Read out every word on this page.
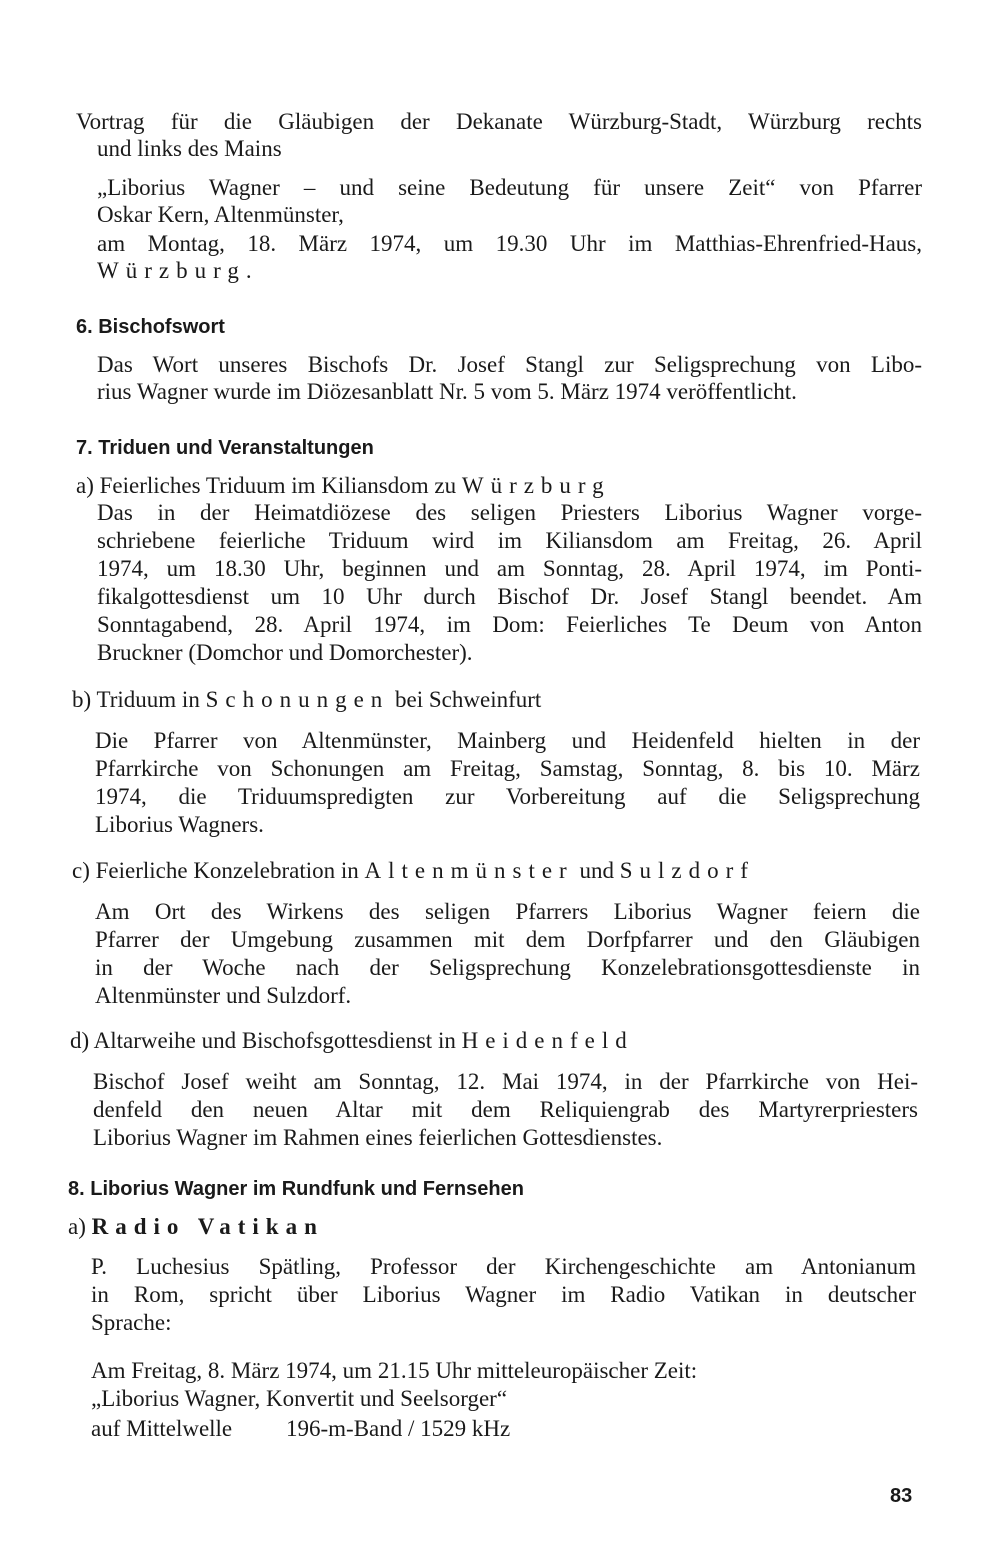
Vortrag für die Gläubigen der Dekanate Würzburg-Stadt, Würzburg rechts
und links des Mains
„Liborius Wagner – und seine Bedeutung für unsere Zeit“ von Pfarrer
Oskar Kern, Altenmünster,
am Montag, 18. März 1974, um 19.30 Uhr im Matthias-Ehrenfried-Haus,
Würzburg.
6. Bischofswort
Das Wort unseres Bischofs Dr. Josef Stangl zur Seligsprechung von Libo-
rius Wagner wurde im Diözesanblatt Nr. 5 vom 5. März 1974 veröffentlicht.
7. Triduen und Veranstaltungen
a) Feierliches Triduum im Kiliansdom zu Würzburg
Das in der Heimatdiözese des seligen Priesters Liborius Wagner vorge-
schriebene feierliche Triduum wird im Kiliansdom am Freitag, 26. April
1974, um 18.30 Uhr, beginnen und am Sonntag, 28. April 1974, im Ponti-
fikalgottesdienst um 10 Uhr durch Bischof Dr. Josef Stangl beendet. Am
Sonntagabend, 28. April 1974, im Dom: Feierliches Te Deum von Anton
Bruckner (Domchor und Domorchester).
b) Triduum in Schonungen bei Schweinfurt
Die Pfarrer von Altenmünster, Mainberg und Heidenfeld hielten in der
Pfarrkirche von Schonungen am Freitag, Samstag, Sonntag, 8. bis 10. März
1974, die Triduumspredigten zur Vorbereitung auf die Seligsprechung
Liborius Wagners.
c) Feierliche Konzelebration in Altenmünster und Sulzdorf
Am Ort des Wirkens des seligen Pfarrers Liborius Wagner feiern die
Pfarrer der Umgebung zusammen mit dem Dorfpfarrer und den Gläubigen
in der Woche nach der Seligsprechung Konzelebrationsgottesdienste in
Altenmünster und Sulzdorf.
d) Altarweihe und Bischofsgottesdienst in Heidenfeld
Bischof Josef weiht am Sonntag, 12. Mai 1974, in der Pfarrkirche von Hei-
denfeld den neuen Altar mit dem Reliquiengrab des Martyrerpriesters
Liborius Wagner im Rahmen eines feierlichen Gottesdienstes.
8. Liborius Wagner im Rundfunk und Fernsehen
a) Radio Vatikan
P. Luchesius Spätling, Professor der Kirchengeschichte am Antonianum
in Rom, spricht über Liborius Wagner im Radio Vatikan in deutscher
Sprache:
Am Freitag, 8. März 1974, um 21.15 Uhr mitteleuropäischer Zeit:
„Liborius Wagner, Konvertit und Seelsorger“
auf Mittelwelle 196-m-Band / 1529 kHz
83
